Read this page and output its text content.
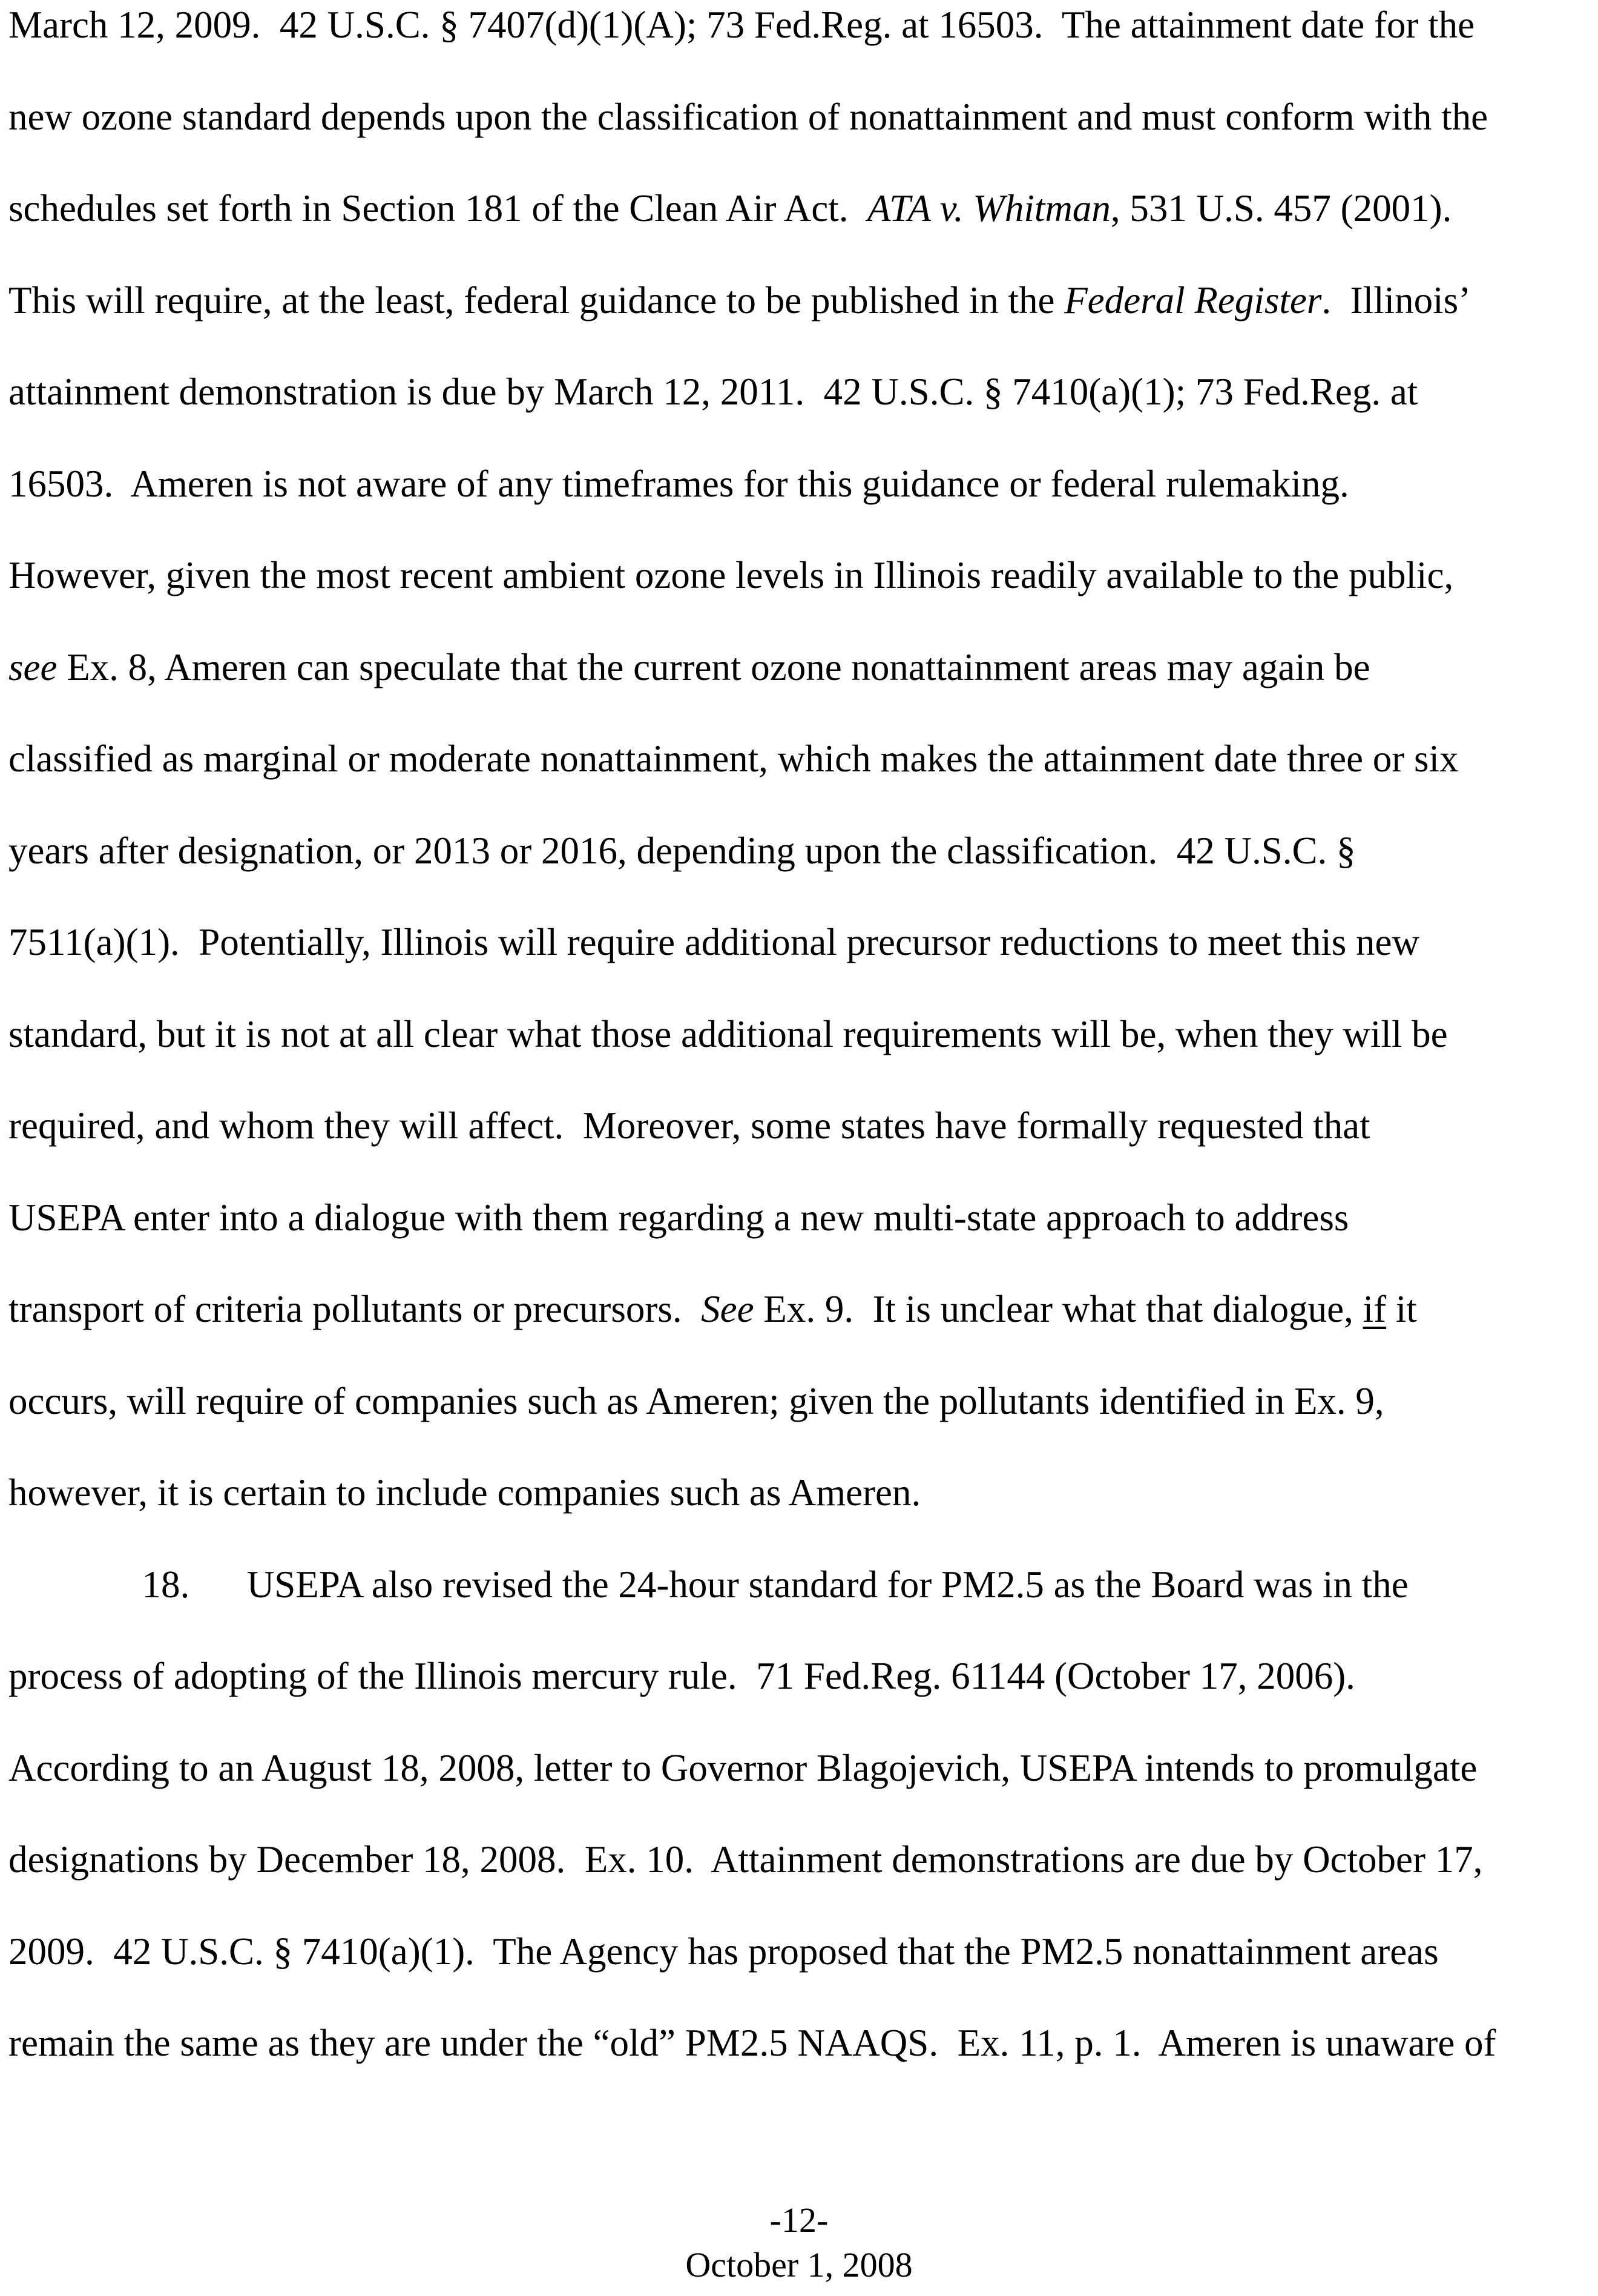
March 12, 2009.  42 U.S.C. § 7407(d)(1)(A); 73 Fed.Reg. at 16503.  The attainment date for the
new ozone standard depends upon the classification of nonattainment and must conform with the
schedules set forth in Section 181 of the Clean Air Act.  ATA v. Whitman, 531 U.S. 457 (2001).
This will require, at the least, federal guidance to be published in the Federal Register.  Illinois’
attainment demonstration is due by March 12, 2011.  42 U.S.C. § 7410(a)(1); 73 Fed.Reg. at
16503.  Ameren is not aware of any timeframes for this guidance or federal rulemaking.
However, given the most recent ambient ozone levels in Illinois readily available to the public,
see Ex. 8, Ameren can speculate that the current ozone nonattainment areas may again be
classified as marginal or moderate nonattainment, which makes the attainment date three or six
years after designation, or 2013 or 2016, depending upon the classification.  42 U.S.C. §
7511(a)(1).  Potentially, Illinois will require additional precursor reductions to meet this new
standard, but it is not at all clear what those additional requirements will be, when they will be
required, and whom they will affect.  Moreover, some states have formally requested that
USEPA enter into a dialogue with them regarding a new multi-state approach to address
transport of criteria pollutants or precursors.  See Ex. 9.  It is unclear what that dialogue, if it
occurs, will require of companies such as Ameren; given the pollutants identified in Ex. 9,
however, it is certain to include companies such as Ameren.
18.      USEPA also revised the 24-hour standard for PM2.5 as the Board was in the
process of adopting of the Illinois mercury rule.  71 Fed.Reg. 61144 (October 17, 2006).
According to an August 18, 2008, letter to Governor Blagojevich, USEPA intends to promulgate
designations by December 18, 2008.  Ex. 10.  Attainment demonstrations are due by October 17,
2009.  42 U.S.C. § 7410(a)(1).  The Agency has proposed that the PM2.5 nonattainment areas
remain the same as they are under the “old” PM2.5 NAAQS.  Ex. 11, p. 1.  Ameren is unaware of
-12-
October 1, 2008
